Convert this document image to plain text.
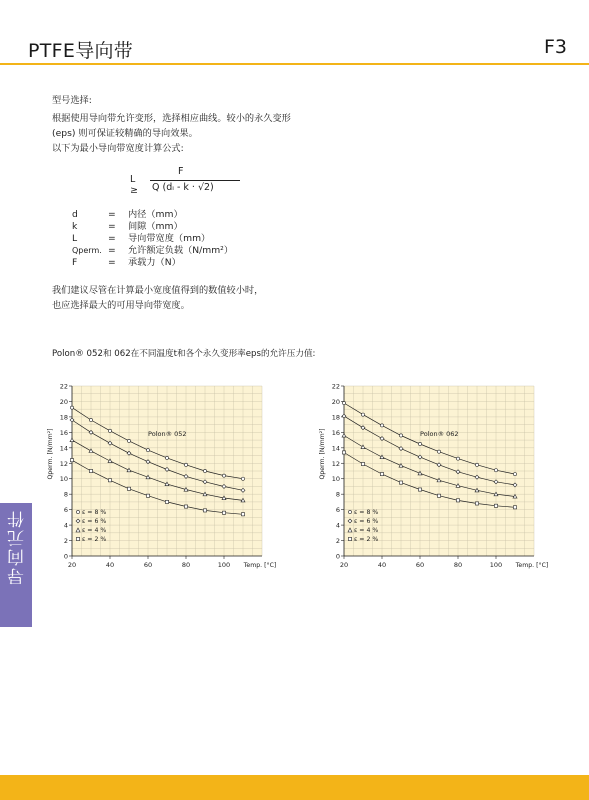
PTFE导向带	F3
型号选择:
根据使用导向带允许变形，选择相应曲线。较小的永久变形
(eps) 则可保证较精确的导向效果。
以下为最小导向带宽度计算公式:
L ≥
F
Q (dᵢ - k · √2)
d	= 内径（mm）
k	= 间隙（mm）
L	= 导向带宽度（mm）
Qperm. = 允许额定负载（N/mm²）
F	= 承载力（N）
我们建议尽管在计算最小宽度值得到的数值较小时，
也应选择最大的可用导向带宽度。
Polon® 052和 062在不同温度t和各个永久变形率eps的允许压力值:
0
2
4
6
8
10
12
14
16
18
20
22
20	40	60	80	100 Temp. [°C]
Qperm. [N/mm²]	Polon® 052
ε = 8 %
ε = 6 %
ε = 4 %
ε = 2 %
0
2
4
6
8
10
12
14
16
18
20
22
20	40	60	80	100 Temp. [°C]
Qperm. [N/mm²]	Polon® 062
ε = 8 %
ε = 6 %
ε = 4 %
ε = 2 %
导向元件
